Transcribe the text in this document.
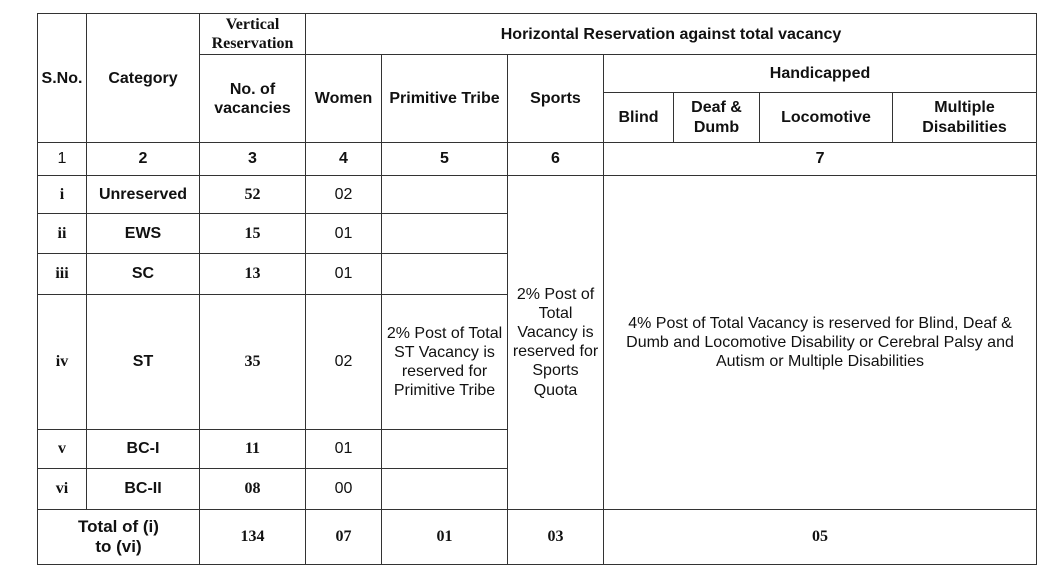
S.No.	Category	Vertical Reservation	Horizontal Reservation against total vacancy						
		No. of vacancies	Women	Primitive Tribe	Sports	Handicapped			
						Blind	Deaf & Dumb	Locomotive	Multiple Disabilities
1	2	3	4	5	6	7			
i	Unreserved	52	02		2% Post of Total Vacancy is reserved for Sports Quota	4% Post of Total Vacancy is reserved for Blind, Deaf & Dumb and Locomotive Disability or Cerebral Palsy and Autism or Multiple Disabilities			
ii	EWS	15	01						
iii	SC	13	01						
iv	ST	35	02	2% Post of Total ST Vacancy is reserved for Primitive Tribe					
v	BC-I	11	01						
vi	BC-II	08	00						
Total of (i) to (vi)		134	07	01	03	05			
